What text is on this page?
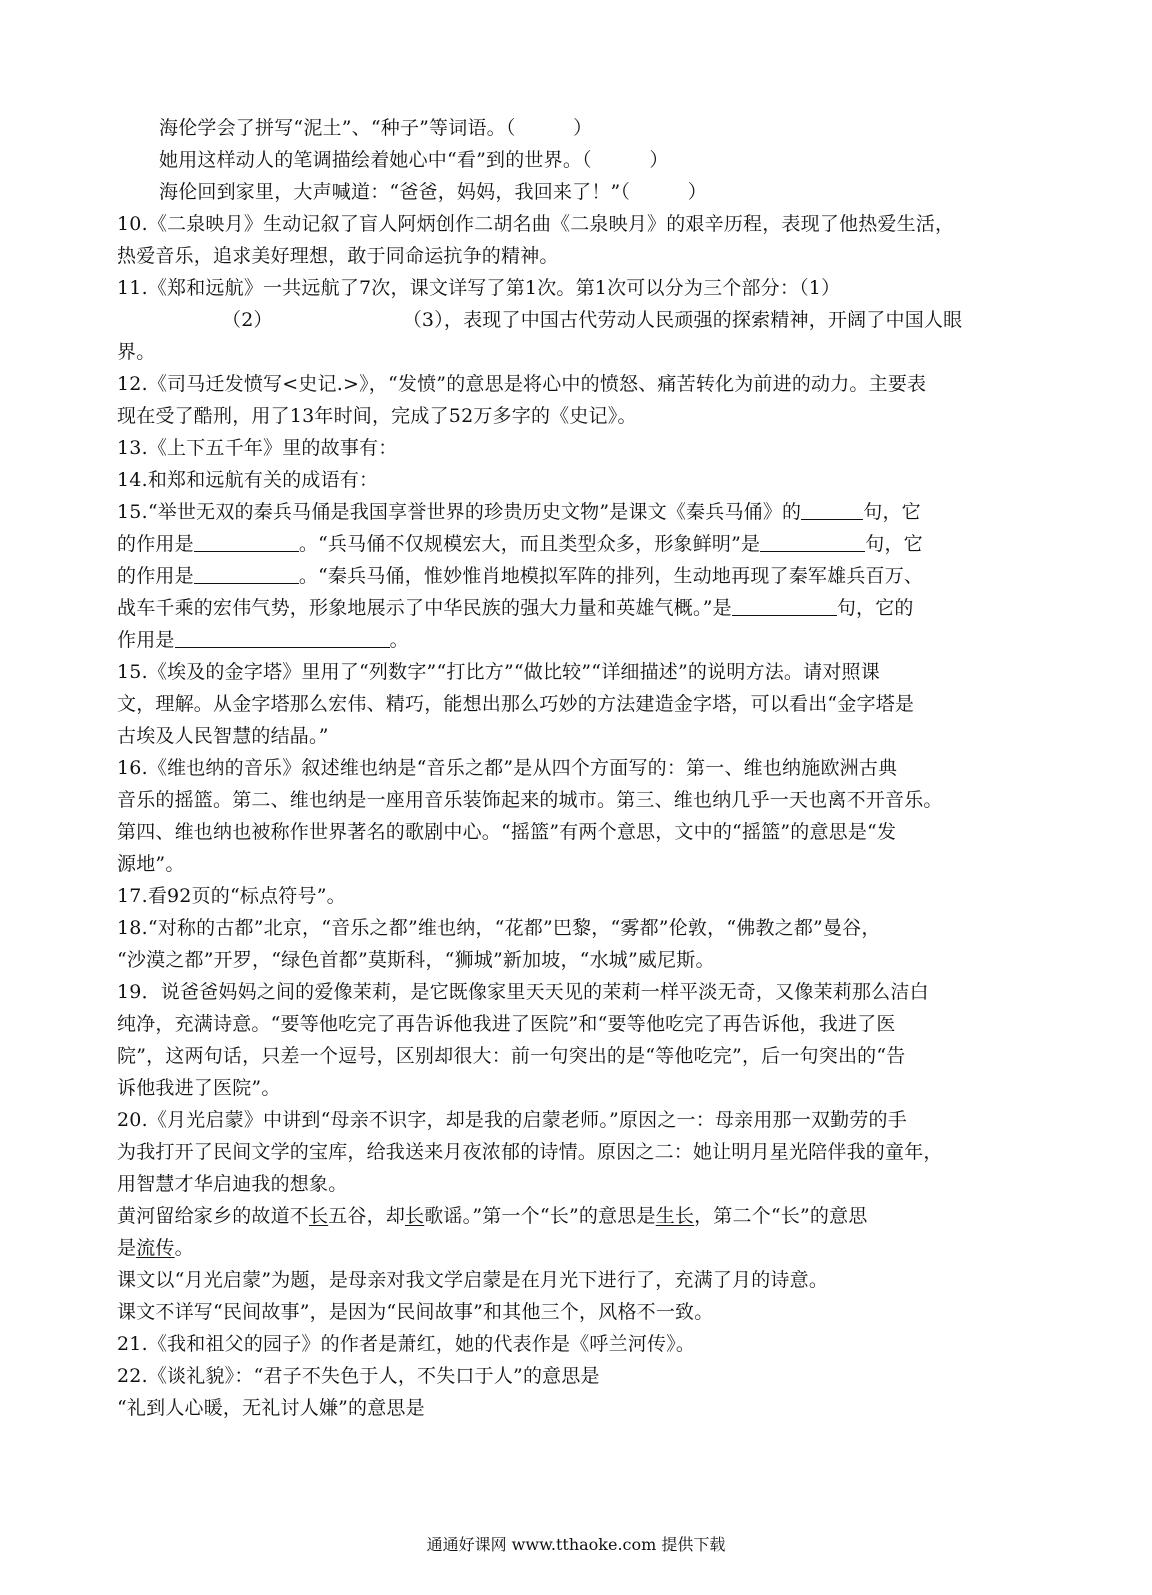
海伦学会了拼写“泥土”、“种子”等词语。（　　　）
她用这样动人的笔调描绘着她心中“看”到的世界。（　　　）
海伦回到家里，大声喊道：“爸爸，妈妈，我回来了！”（　　　）
10.《二泉映月》生动记叙了盲人阿炳创作二胡名曲《二泉映月》的艰辛历程，表现了他热爱生活，
热爱音乐，追求美好理想，敢于同命运抗争的精神。
11.《郑和远航》一共远航了7次，课文详写了第1次。第1次可以分为三个部分：（1）
（2）	（3），表现了中国古代劳动人民顽强的探索精神，开阔了中国人眼
界。
12.《司马迁发愤写<史记.>》，“发愤”的意思是将心中的愤怒、痛苦转化为前进的动力。主要表
现在受了酷刑，用了13年时间，完成了52万多字的《史记》。
13.《上下五千年》里的故事有：
14.和郑和远航有关的成语有：
15.“举世无双的秦兵马俑是我国享誉世界的珍贵历史文物”是课文《秦兵马俑》的	句，它
的作用是	。“兵马俑不仅规模宏大，而且类型众多，形象鲜明”是	句，它
的作用是	。“秦兵马俑，惟妙惟肖地模拟军阵的排列，生动地再现了秦军雄兵百万、
战车千乘的宏伟气势，形象地展示了中华民族的强大力量和英雄气概。”是	句，它的
作用是	。
15.《埃及的金字塔》里用了“列数字”“打比方”“做比较”“详细描述”的说明方法。请对照课
文，理解。从金字塔那么宏伟、精巧，能想出那么巧妙的方法建造金字塔，可以看出“金字塔是
古埃及人民智慧的结晶。”
16.《维也纳的音乐》叙述维也纳是“音乐之都”是从四个方面写的：第一、维也纳施欧洲古典
音乐的摇篮。第二、维也纳是一座用音乐装饰起来的城市。第三、维也纳几乎一天也离不开音乐。
第四、维也纳也被称作世界著名的歌剧中心。“摇篮”有两个意思，文中的“摇篮”的意思是“发
源地”。
17.看92页的“标点符号”。
18.“对称的古都”北京，“音乐之都”维也纳，“花都”巴黎，“雾都”伦敦，“佛教之都”曼谷，
“沙漠之都”开罗，“绿色首都”莫斯科，“狮城”新加坡，“水城”威尼斯。
19．说爸爸妈妈之间的爱像茉莉，是它既像家里天天见的茉莉一样平淡无奇，又像茉莉那么洁白
纯净，充满诗意。“要等他吃完了再告诉他我进了医院”和“要等他吃完了再告诉他，我进了医
院”，这两句话，只差一个逗号，区别却很大：前一句突出的是“等他吃完”，后一句突出的“告
诉他我进了医院”。
20.《月光启蒙》中讲到“母亲不识字，却是我的启蒙老师。”原因之一：母亲用那一双勤劳的手
为我打开了民间文学的宝库，给我送来月夜浓郁的诗情。原因之二：她让明月星光陪伴我的童年，
用智慧才华启迪我的想象。
黄河留给家乡的故道不长五谷，却长歌谣。”第一个“长”的意思是生长，第二个“长”的意思
是流传。
课文以“月光启蒙”为题，是母亲对我文学启蒙是在月光下进行了，充满了月的诗意。
课文不详写“民间故事”，是因为“民间故事”和其他三个，风格不一致。
21.《我和祖父的园子》的作者是萧红，她的代表作是《呼兰河传》。
22.《谈礼貌》：“君子不失色于人，不失口于人”的意思是
“礼到人心暖，无礼讨人嫌”的意思是
通通好课网 www.tthaoke.com 提供下载
